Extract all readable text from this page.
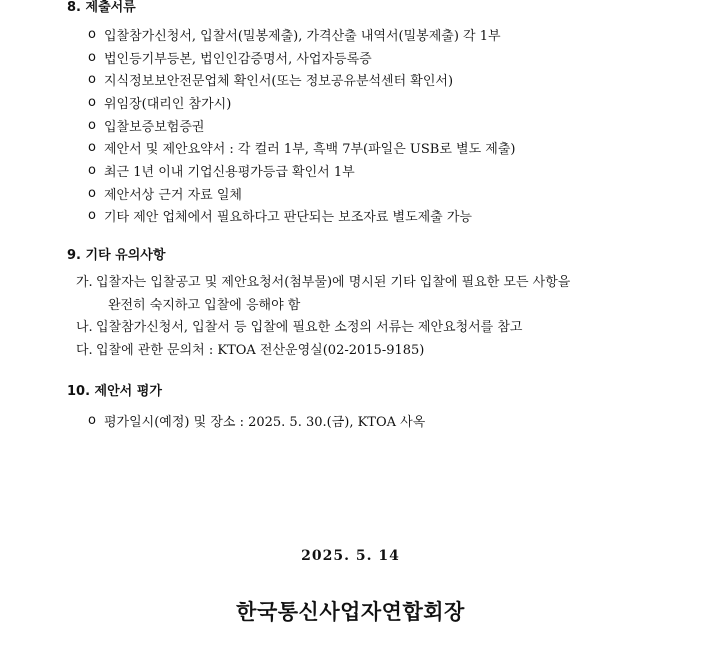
8. 제출서류
o 입찰참가신청서, 입찰서(밀봉제출), 가격산출 내역서(밀봉제출) 각 1부
o 법인등기부등본, 법인인감증명서, 사업자등록증
o 지식정보보안전문업체 확인서(또는 정보공유분석센터 확인서)
o 위임장(대리인 참가시)
o 입찰보증보험증권
o 제안서 및 제안요약서 : 각 컬러 1부, 흑백 7부(파일은 USB로 별도 제출)
o 최근 1년 이내 기업신용평가등급 확인서 1부
o 제안서상 근거 자료 일체
o 기타 제안 업체에서 필요하다고 판단되는 보조자료 별도제출 가능
9. 기타 유의사항
가. 입찰자는 입찰공고 및 제안요청서(첨부물)에 명시된 기타 입찰에 필요한 모든 사항을
완전히 숙지하고 입찰에 응해야 함
나. 입찰참가신청서, 입찰서 등 입찰에 필요한 소정의 서류는 제안요청서를 참고
다. 입찰에 관한 문의처 : KTOA 전산운영실(02-2015-9185)
10. 제안서 평가
o 평가일시(예정) 및 장소 : 2025. 5. 30.(금), KTOA 사옥
2025. 5. 14
한국통신사업자연합회장
